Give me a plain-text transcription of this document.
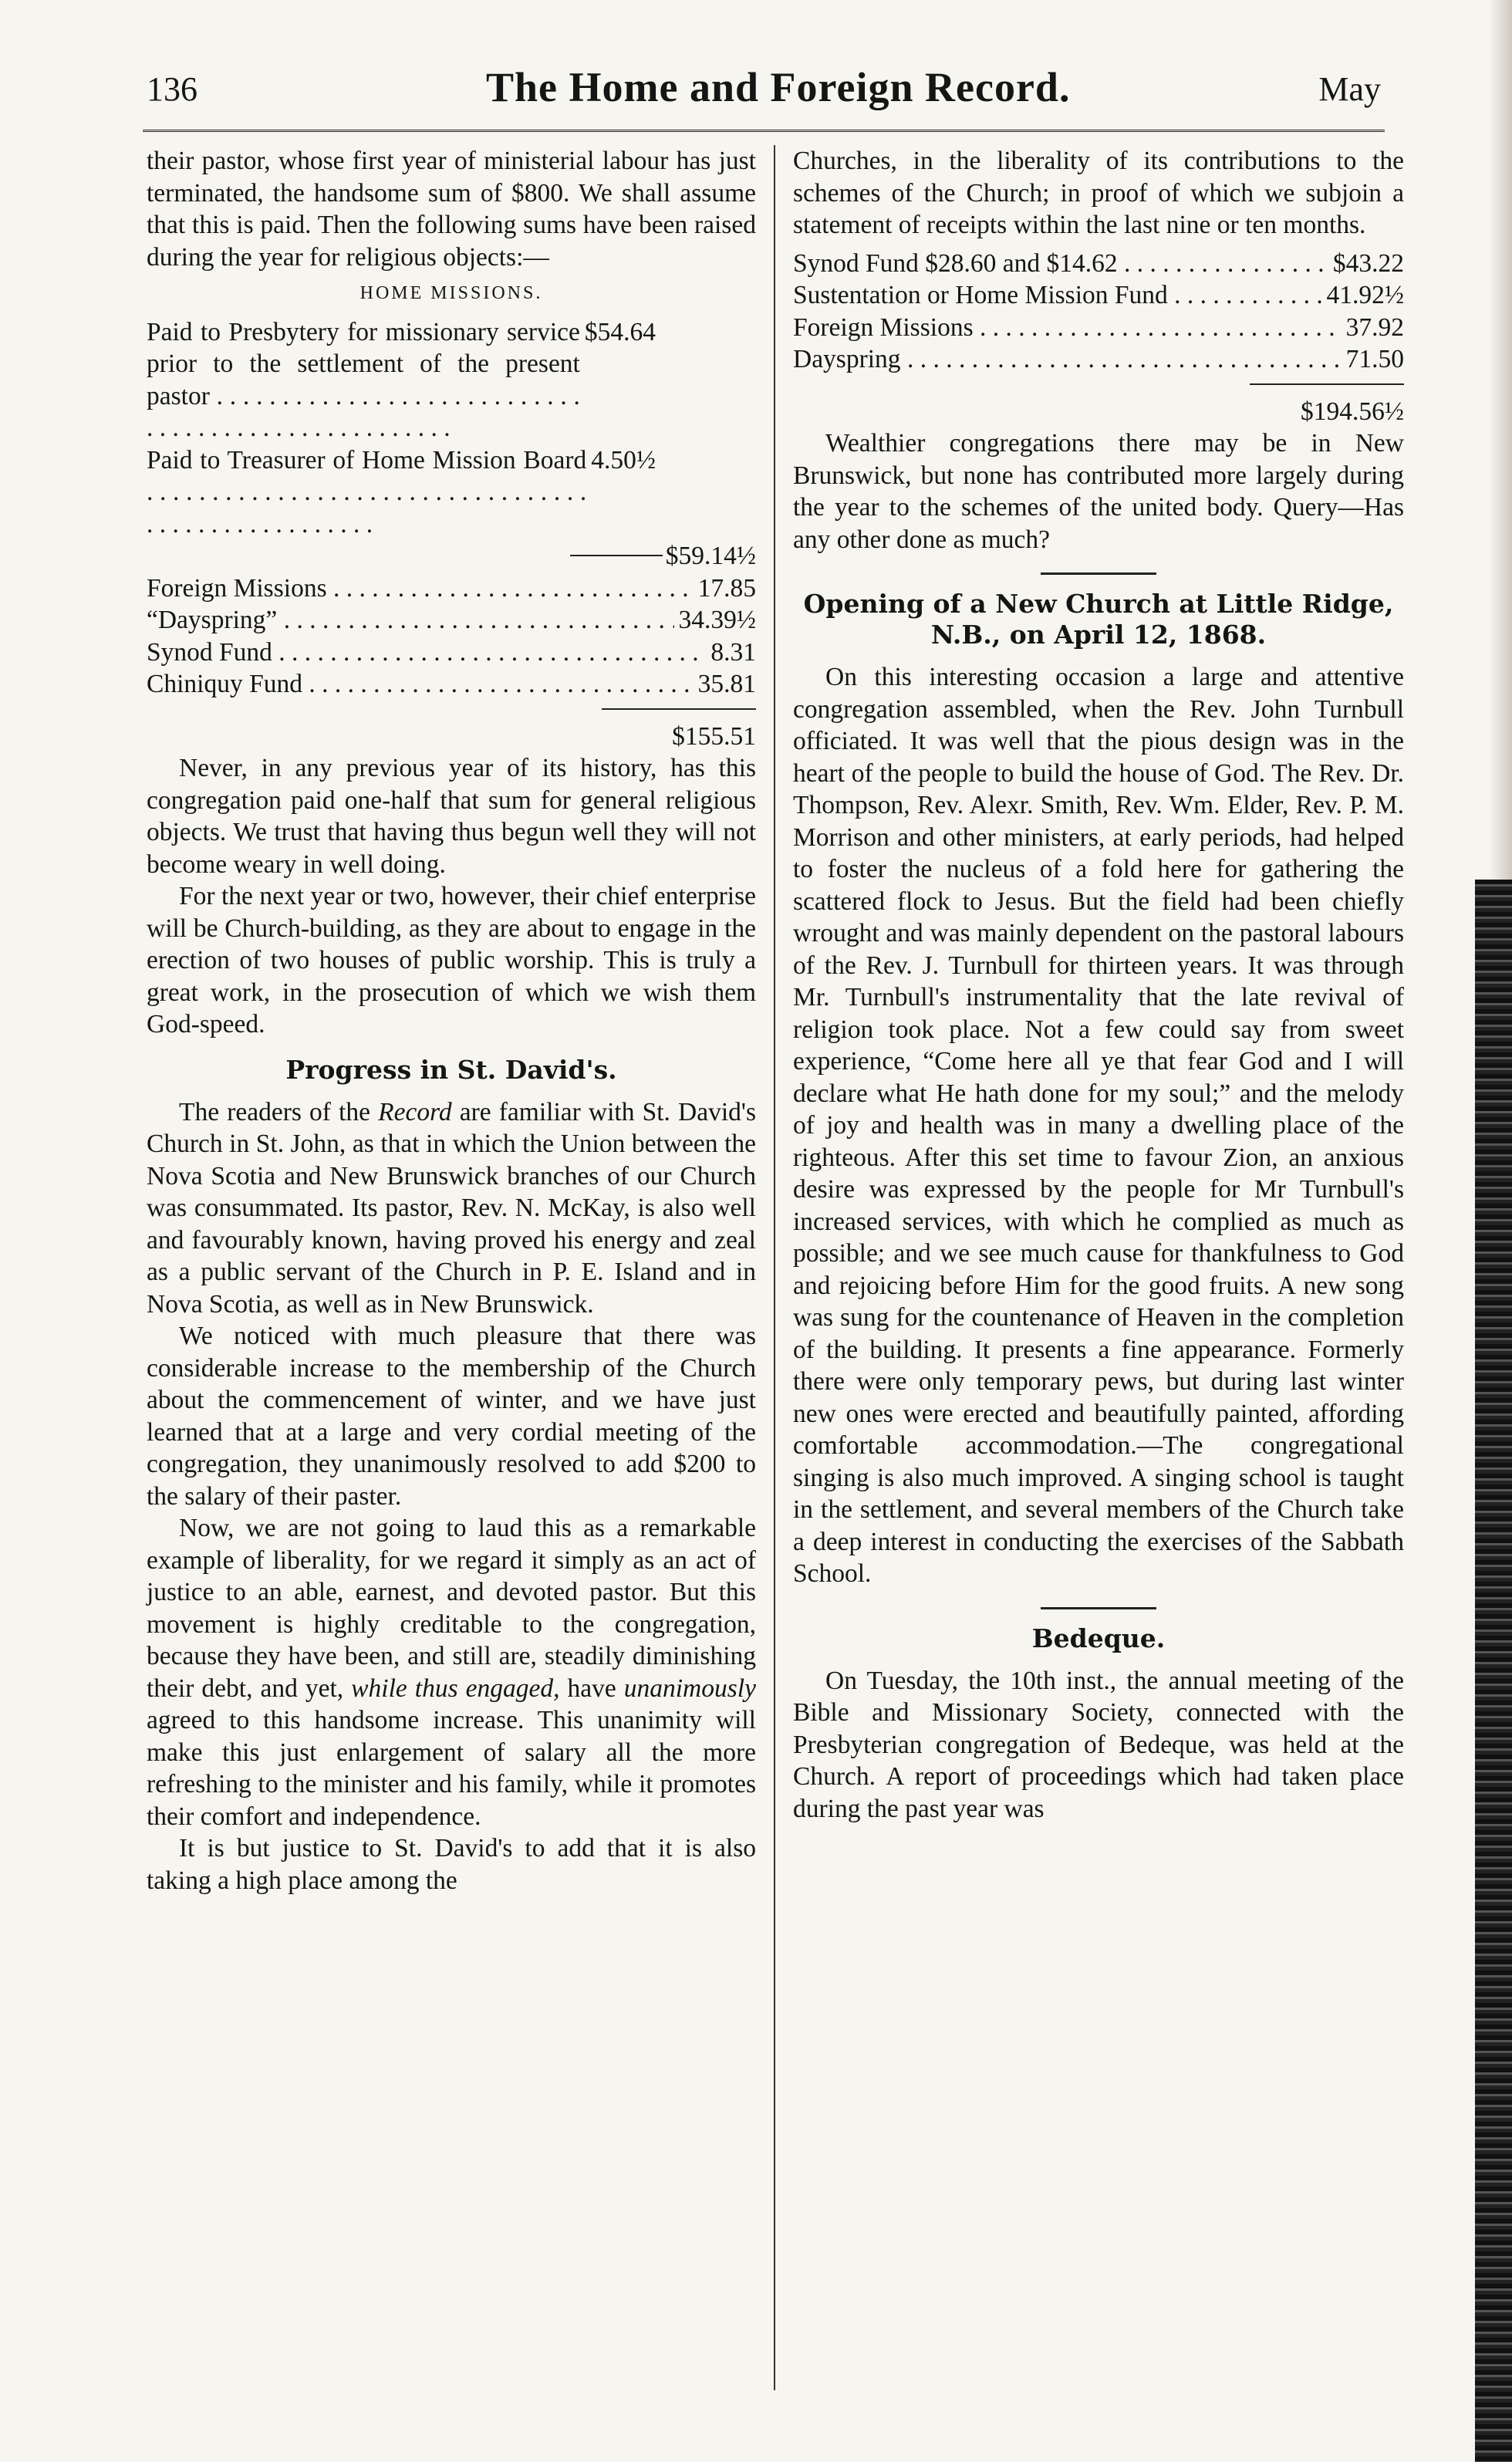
136	The Home and Foreign Record.	May

their pastor, whose first year of ministerial labour has just terminated, the handsome sum of $800. We shall assume that this is paid. Then the following sums have been raised during the year for religious objects:—

HOME MISSIONS.
Paid to Presbytery for missionary service prior to the settlement of the present pastor . . .
$54.64
Paid to Treasurer of Home Mission Board . . . 4.50½
$59.14½
Foreign Missions . . .	17.85
“Dayspring” . . .	34.39½
Synod Fund . . .	8.31
Chiniquy Fund . . .	35.81
$155.51

Never, in any previous year of its history, has this congregation paid one-half that sum for general religious objects. We trust that having thus begun well they will not become weary in well doing.

For the next year or two, however, their chief enterprise will be Church-building, as they are about to engage in the erection of two houses of public worship. This is truly a great work, in the prosecution of which we wish them God-speed.

Progress in St. David's.

The readers of the Record are familiar with St. David's Church in St. John, as that in which the Union between the Nova Scotia and New Brunswick branches of our Church was consummated. Its pastor, Rev. N. McKay, is also well and favourably known, having proved his energy and zeal as a public servant of the Church in P. E. Island and in Nova Scotia, as well as in New Brunswick.

We noticed with much pleasure that there was considerable increase to the membership of the Church about the commencement of winter, and we have just learned that at a large and very cordial meeting of the congregation, they unanimously resolved to add $200 to the salary of their paster.

Now, we are not going to laud this as a remarkable example of liberality, for we regard it simply as an act of justice to an able, earnest, and devoted pastor. But this movement is highly creditable to the congregation, because they have been, and still are, steadily diminishing their debt, and yet, while thus engaged, have unanimously agreed to this handsome increase. This unanimity will make this just enlargement of salary all the more refreshing to the minister and his family, while it promotes their comfort and independence.

It is but justice to St. David's to add that it is also taking a high place among the

Churches, in the liberality of its contributions to the schemes of the Church; in proof of which we subjoin a statement of receipts within the last nine or ten months.

Synod Fund $28.60 and $14.62 . . .	$43.22
Sustentation or Home Mission Fund . . .	41.92½
Foreign Missions . . .	37.92
Dayspring . . .	71.50
$194.56½

Wealthier congregations there may be in New Brunswick, but none has contributed more largely during the year to the schemes of the united body. Query—Has any other done as much?

Opening of a New Church at Little Ridge, N.B., on April 12, 1868.

On this interesting occasion a large and attentive congregation assembled, when the Rev. John Turnbull officiated. It was well that the pious design was in the heart of the people to build the house of God. The Rev. Dr. Thompson, Rev. Alexr. Smith, Rev. Wm. Elder, Rev. P. M. Morrison and other ministers, at early periods, had helped to foster the nucleus of a fold here for gathering the scattered flock to Jesus. But the field had been chiefly wrought and was mainly dependent on the pastoral labours of the Rev. J. Turnbull for thirteen years. It was through Mr. Turnbull's instrumentality that the late revival of religion took place. Not a few could say from sweet experience, “Come here all ye that fear God and I will declare what He hath done for my soul;” and the melody of joy and health was in many a dwelling place of the righteous. After this set time to favour Zion, an anxious desire was expressed by the people for Mr Turnbull's increased services, with which he complied as much as possible; and we see much cause for thankfulness to God and rejoicing before Him for the good fruits. A new song was sung for the countenance of Heaven in the completion of the building. It presents a fine appearance. Formerly there were only temporary pews, but during last winter new ones were erected and beautifully painted, affording comfortable accommodation.—The congregational singing is also much improved. A singing school is taught in the settlement, and several members of the Church take a deep interest in conducting the exercises of the Sabbath School.

Bedeque.

On Tuesday, the 10th inst., the annual meeting of the Bible and Missionary Society, connected with the Presbyterian congregation of Bedeque, was held at the Church. A report of proceedings which had taken place during the past year was
